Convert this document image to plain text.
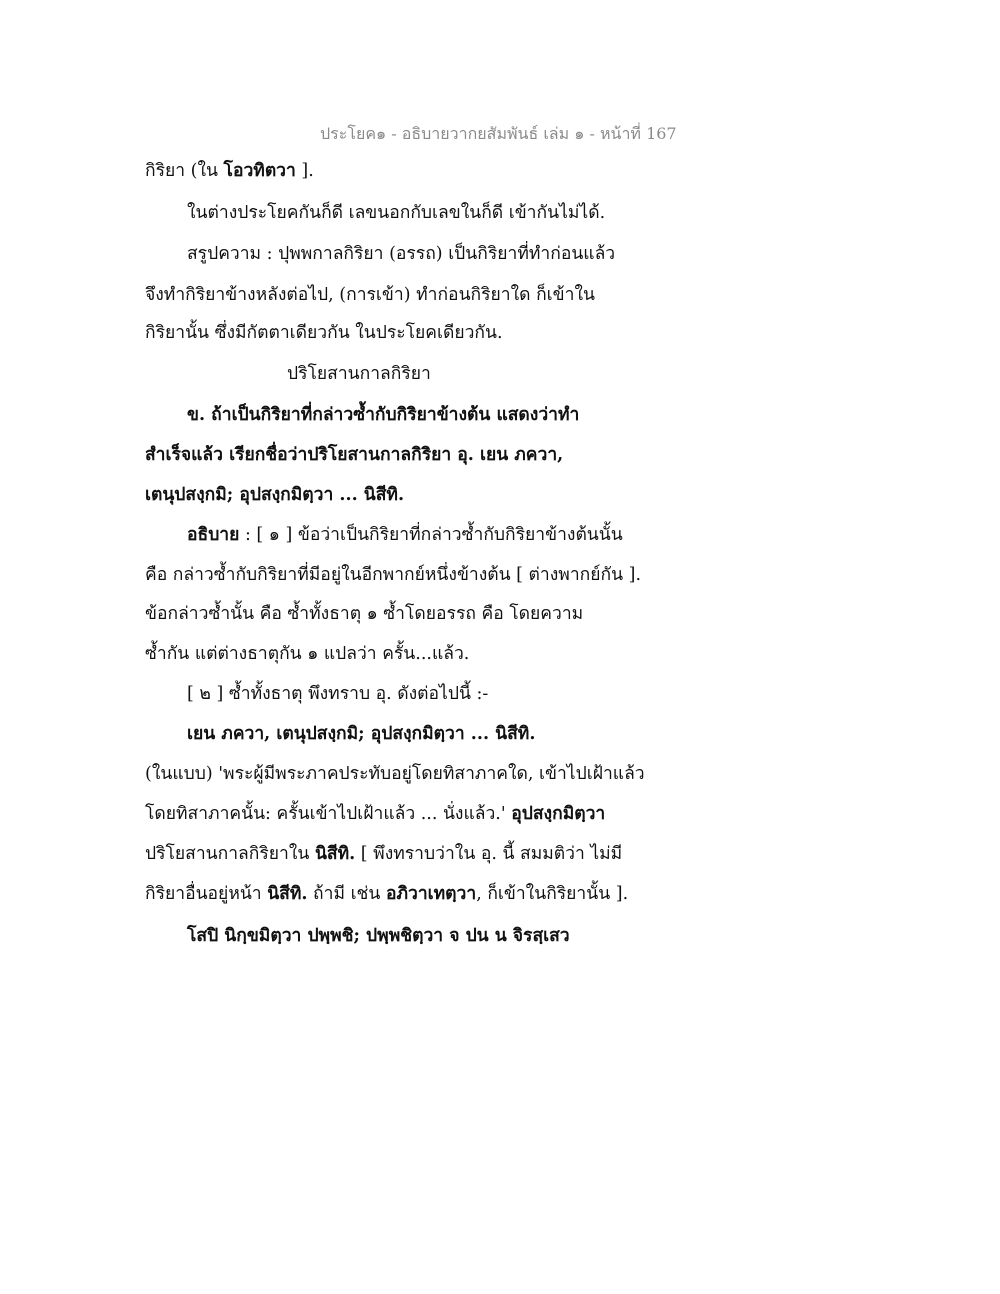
ประโยค๑ - อธิบายวากยสัมพันธ์ เล่ม ๑ - หน้าที่ 167
กิริยา (ใน โอวทิตวา ].
ในต่างประโยคกันก็ดี เลขนอกกับเลขในก็ดี เข้ากันไม่ได้.
สรูปความ : ปุพพกาลกิริยา (อรรถ) เป็นกิริยาที่ทำก่อนแล้ว
จึงทำกิริยาข้างหลังต่อไป, (การเข้า) ทำก่อนกิริยาใด ก็เข้าใน
กิริยานั้น ซึ่งมีกัตตาเดียวกัน ในประโยคเดียวกัน.
ปริโยสานกาลกิริยา
ข. ถ้าเป็นกิริยาที่กล่าวซ้ำกับกิริยาข้างต้น แสดงว่าทำ
สำเร็จแล้ว เรียกชื่อว่าปริโยสานกาลกิริยา อุ. เยน ภควา,
เตนุปสงฺกมิ; อุปสงฺกมิตฺวา ... นิสีทิ.
อธิบาย : [ ๑ ] ข้อว่าเป็นกิริยาที่กล่าวซ้ำกับกิริยาข้างต้นนั้น
คือ กล่าวซ้ำกับกิริยาที่มีอยู่ในอีกพากย์หนึ่งข้างต้น [ ต่างพากย์กัน ].
ข้อกล่าวซ้ำนั้น คือ ซ้ำทั้งธาตุ ๑ ซ้ำโดยอรรถ คือ โดยความ
ซ้ำกัน แต่ต่างธาตุกัน ๑ แปลว่า ครั้น...แล้ว.
[ ๒ ] ซ้ำทั้งธาตุ พึงทราบ อุ. ดังต่อไปนี้ :-
เยน ภควา, เตนุปสงฺกมิ; อุปสงฺกมิตฺวา ... นิสีทิ.
(ในแบบ) 'พระผู้มีพระภาคประทับอยู่โดยทิสาภาคใด, เข้าไปเฝ้าแล้ว
โดยทิสาภาคนั้น: ครั้นเข้าไปเฝ้าแล้ว ... นั่งแล้ว.' อุปสงฺกมิตฺวา
ปริโยสานกาลกิริยาใน นิสีทิ. [ พึงทราบว่าใน อุ. นี้ สมมติว่า ไม่มี
กิริยาอื่นอยู่หน้า นิสีทิ. ถ้ามี เช่น อภิวาเทตฺวา, ก็เข้าในกิริยานั้น ].
โสปิ นิกฺขมิตฺวา ปพฺพชิ; ปพฺพชิตฺวา จ ปน น จิรสฺเสว
